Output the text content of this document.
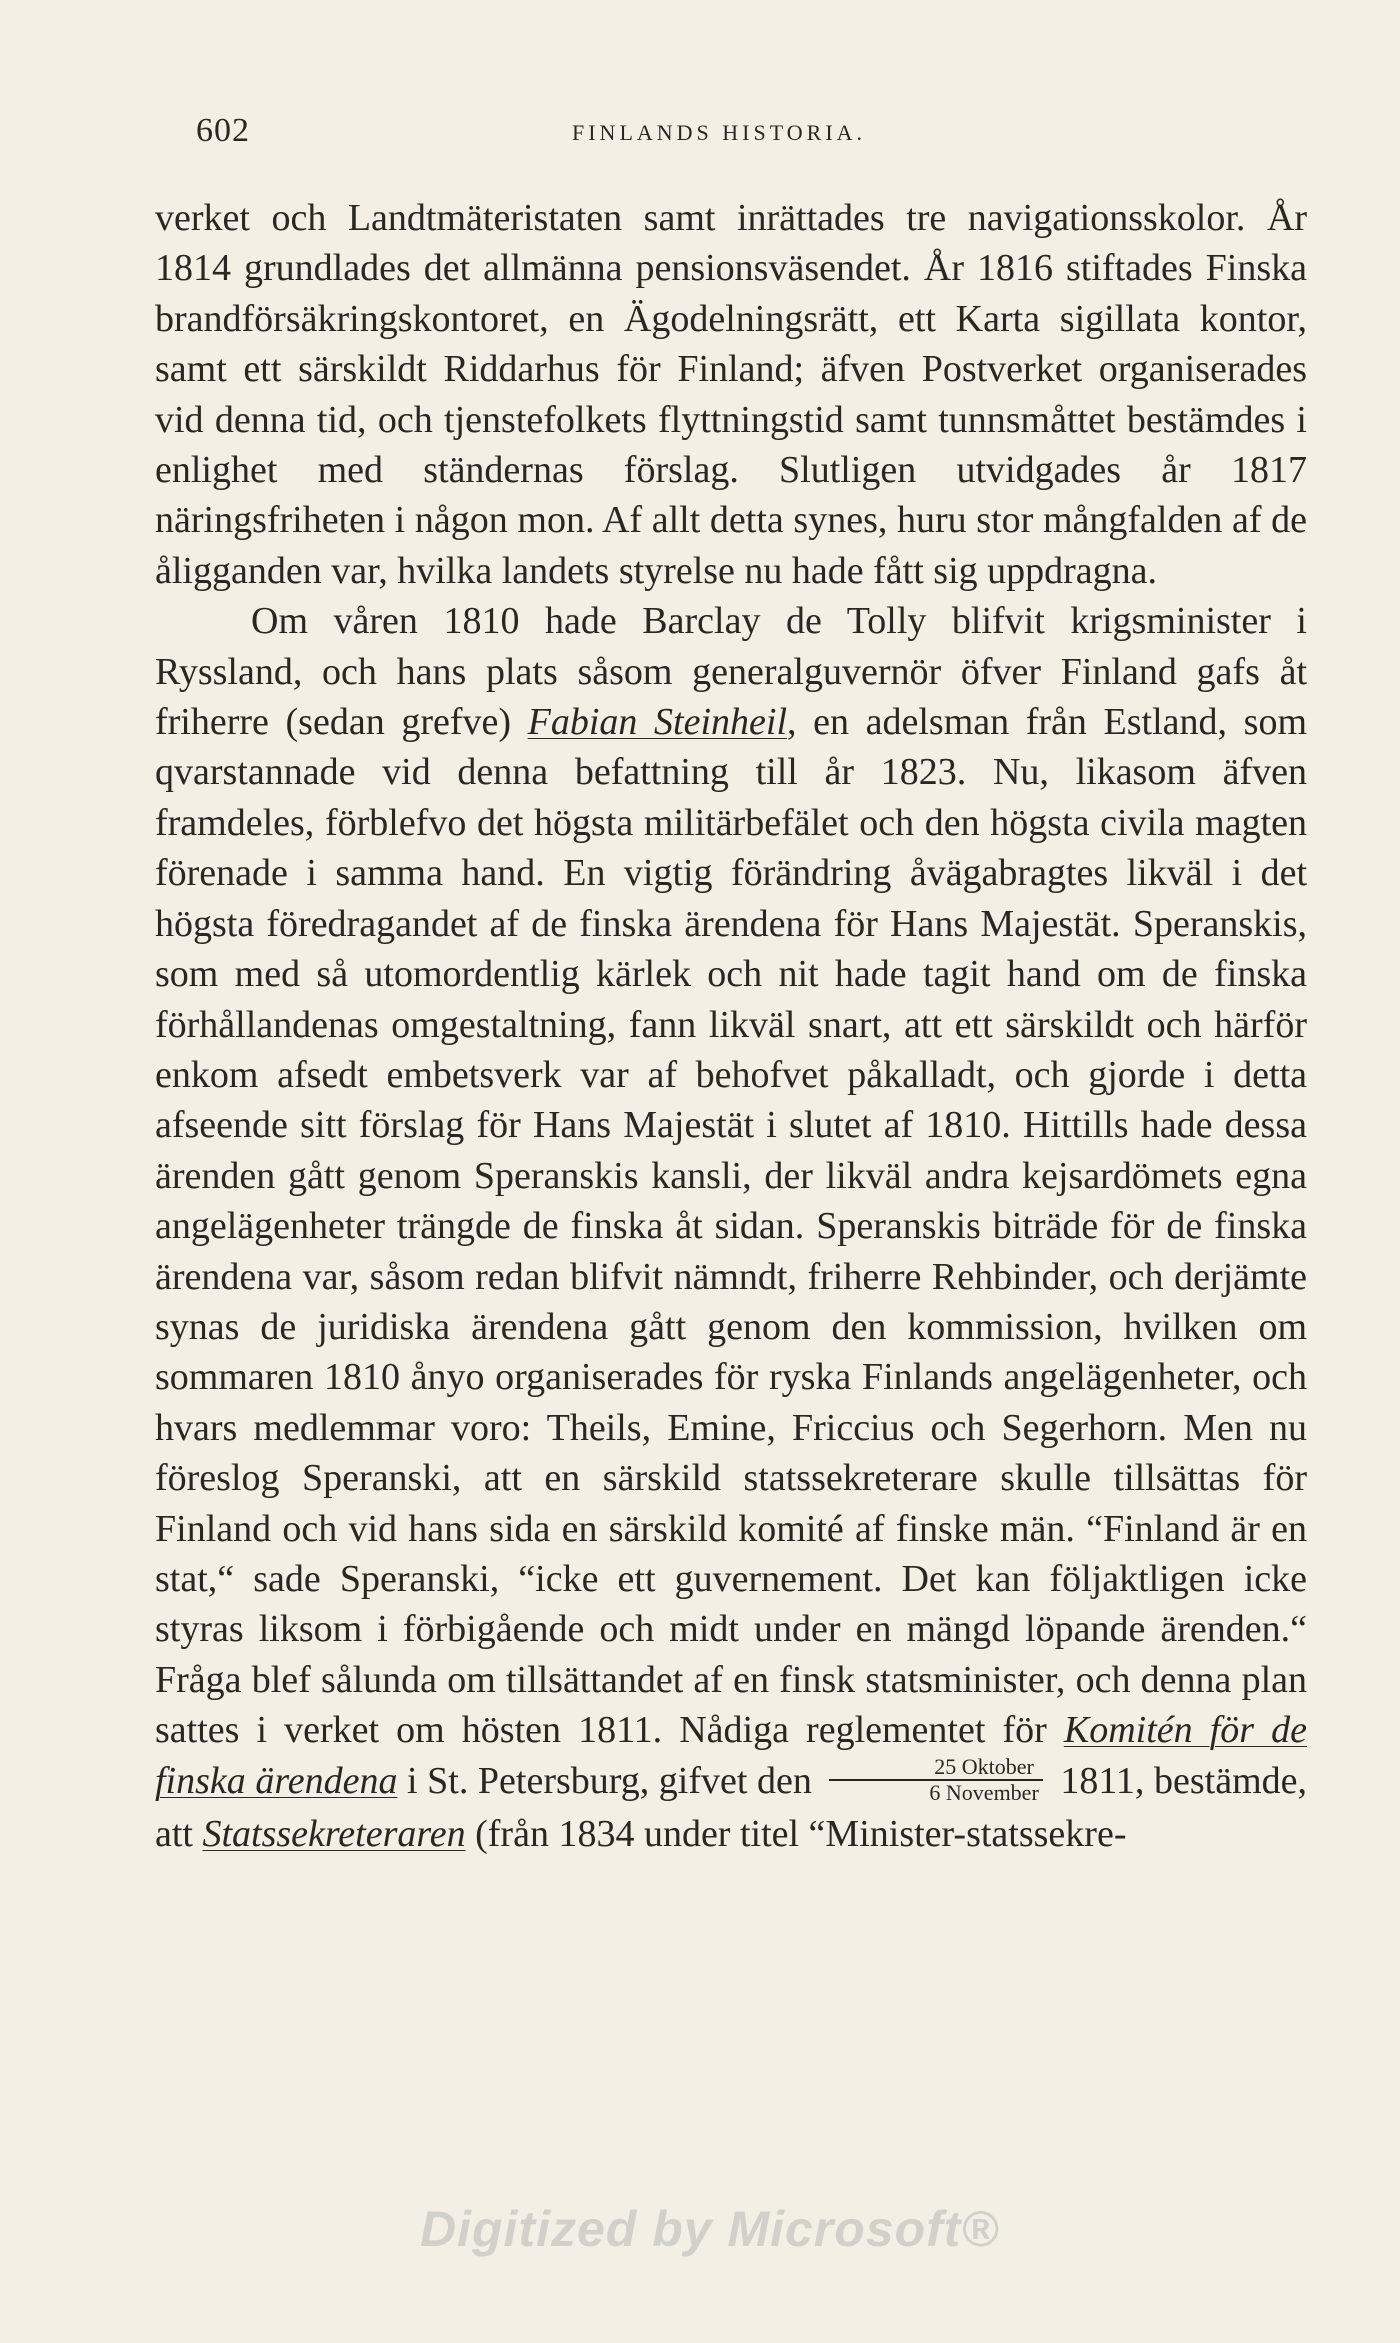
602	FINLANDS HISTORIA.

verket och Landtmäteristaten samt inrättades tre navigationsskolor. År 1814 grundlades det allmänna pensionsväsendet. År 1816 stiftades Finska brandförsäkringskontoret, en Ägodelningsrätt, ett Karta sigillata kontor, samt ett särskildt Riddarhus för Finland; äfven Postverket organiserades vid denna tid, och tjenstefolkets flyttningstid samt tunnsmåttet bestämdes i enlighet med ständernas förslag. Slutligen utvidgades år 1817 näringsfriheten i någon mon. Af allt detta synes, huru stor mångfalden af de åligganden var, hvilka landets styrelse nu hade fått sig uppdragna.

Om våren 1810 hade Barclay de Tolly blifvit krigsminister i Ryssland, och hans plats såsom generalguvernör öfver Finland gafs åt friherre (sedan grefve) Fabian Steinheil, en adelsman från Estland, som qvarstannade vid denna befattning till år 1823. Nu, likasom äfven framdeles, förblefvo det högsta militärbefälet och den högsta civila magten förenade i samma hand. En vigtig förändring åvägabragtes likväl i det högsta föredragandet af de finska ärendena för Hans Majestät. Speranskis, som med så utomordentlig kärlek och nit hade tagit hand om de finska förhållandenas omgestaltning, fann likväl snart, att ett särskildt och härför enkom afsedt embetsverk var af behofvet påkalladt, och gjorde i detta afseende sitt förslag för Hans Majestät i slutet af 1810. Hittills hade dessa ärenden gått genom Speranskis kansli, der likväl andra kejsardömets egna angelägenheter trängde de finska åt sidan. Speranskis biträde för de finska ärendena var, såsom redan blifvit nämndt, friherre Rehbinder, och derjämte synas de juridiska ärendena gått genom den kommission, hvilken om sommaren 1810 ånyo organiserades för ryska Finlands angelägenheter, och hvars medlemmar voro: Theils, Emine, Friccius och Segerhorn. Men nu föreslog Speranski, att en särskild statssekreterare skulle tillsättas för Finland och vid hans sida en särskild komité af finske män. “Finland är en stat,“ sade Speranski, “icke ett guvernement. Det kan följaktligen icke styras liksom i förbigående och midt under en mängd löpande ärenden.“ Fråga blef sålunda om tillsättandet af en finsk statsminister, och denna plan sattes i verket om hösten 1811. Nådiga reglementet för Komitén för de finska ärendena i St. Petersburg, gifvet den $\frac{\text{25 Oktober}}{\text{6 November}} 1811$, bestämde, att Statssekreteraren (från 1834 under titel “Minister-statssekre-

Digitized by Microsoft®
